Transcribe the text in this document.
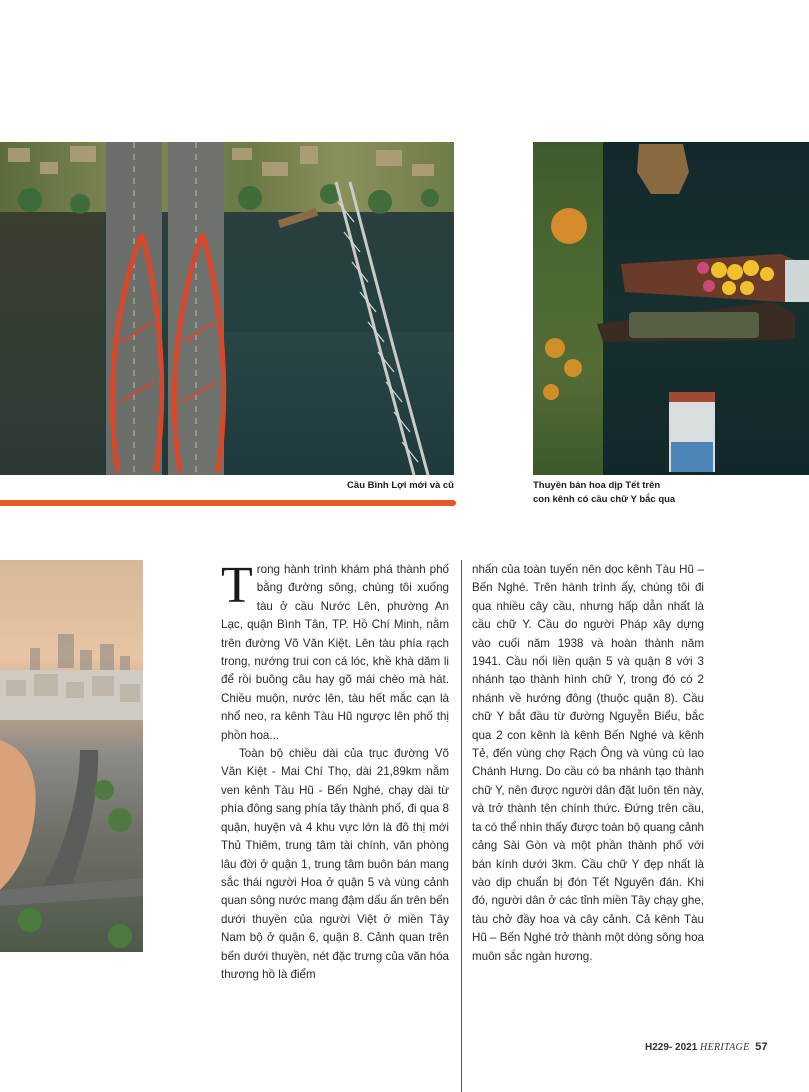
Cầu Bình Lợi mới và cũ	Thuyền bán hoa dịp Tết trên
con kênh có cầu chữ Y bắc qua

T rong hành trình khám phá thành phố bằng đường sông, chúng tôi xuống tàu ở cầu Nước Lên, phường An Lạc, quận Bình Tân, TP. Hồ Chí Minh, nằm trên đường Võ Văn Kiệt. Lên tàu phía rạch trong, nướng trui con cá lóc, khề khà dăm li để rồi buông câu hay gõ mái chèo mà hát. Chiều muộn, nước lên, tàu hết mắc cạn là nhổ neo, ra kênh Tàu Hũ ngược lên phố thị phồn hoa...

Toàn bộ chiều dài của trục đường Võ Văn Kiệt - Mai Chí Thọ, dài 21,89km nằm ven kênh Tàu Hũ - Bến Nghé, chạy dài từ phía đông sang phía tây thành phố, đi qua 8 quận, huyện và 4 khu vực lớn là đô thị mới Thủ Thiêm, trung tâm tài chính, văn phòng lâu đời ở quận 1, trung tâm buôn bán mang sắc thái người Hoa ở quận 5 và vùng cảnh quan sông nước mang đậm dấu ấn trên bến dưới thuyền của người Việt ở miền Tây Nam bộ ở quận 6, quận 8. Cảnh quan trên bến dưới thuyền, nét đặc trưng của văn hóa thương hồ là điểm

nhấn của toàn tuyến nên dọc kênh Tàu Hũ – Bến Nghé. Trên hành trình ấy, chúng tôi đi qua nhiều cây cầu, nhưng hấp dẫn nhất là cầu chữ Y. Cầu do người Pháp xây dựng vào cuối năm 1938 và hoàn thành năm 1941. Cầu nối liền quận 5 và quận 8 với 3 nhánh tạo thành hình chữ Y, trong đó có 2 nhánh về hướng đông (thuộc quận 8). Cầu chữ Y bắt đầu từ đường Nguyễn Biểu, bắc qua 2 con kênh là kênh Bến Nghé và kênh Tẻ, đến vùng chợ Rạch Ông và vùng cù lao Chánh Hưng. Do cầu có ba nhánh tạo thành chữ Y, nên được người dân đặt luôn tên này, và trở thành tên chính thức. Đứng trên cầu, ta có thể nhìn thấy được toàn bộ quang cảnh cảng Sài Gòn và một phần thành phố với bán kính dưới 3km. Cầu chữ Y đẹp nhất là vào dịp chuẩn bị đón Tết Nguyên đán. Khi đó, người dân ở các tỉnh miền Tây chạy ghe, tàu chở đầy hoa và cây cảnh. Cả kênh Tàu Hũ – Bến Nghé trở thành một dòng sông hoa muôn sắc ngàn hương.

H229- 2021 HERITAGE 57
